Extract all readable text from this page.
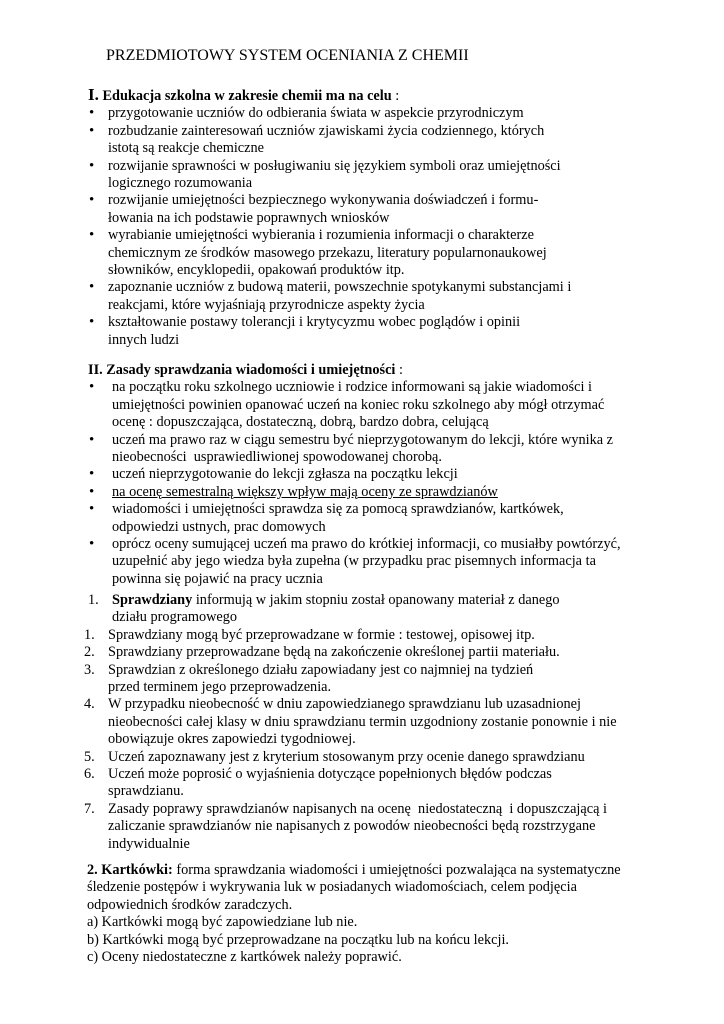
PRZEDMIOTOWY SYSTEM OCENIANIA Z CHEMII

I. Edukacja szkolna w zakresie chemii ma na celu :

• przygotowanie uczniów do odbierania świata w aspekcie przyrodniczym
• rozbudzanie zainteresowań uczniów zjawiskami życia codziennego, których
istotą są reakcje chemiczne
• rozwijanie sprawności w posługiwaniu się językiem symboli oraz umiejętności
logicznego rozumowania
• rozwijanie umiejętności bezpiecznego wykonywania doświadczeń i formu-
łowania na ich podstawie poprawnych wniosków
• wyrabianie umiejętności wybierania i rozumienia informacji o charakterze
chemicznym ze środków masowego przekazu, literatury popularnonaukowej
słowników, encyklopedii, opakowań produktów itp.
• zapoznanie uczniów z budową materii, powszechnie spotykanymi substancjami i
reakcjami, które wyjaśniają przyrodnicze aspekty życia
• kształtowanie postawy tolerancji i krytycyzmu wobec poglądów i opinii
innych ludzi

II. Zasady sprawdzania wiadomości i umiejętności :

• na początku roku szkolnego uczniowie i rodzice informowani są jakie wiadomości i
umiejętności powinien opanować uczeń na koniec roku szkolnego aby mógł otrzymać
ocenę : dopuszczająca, dostateczną, dobrą, bardzo dobra, celującą
• uczeń ma prawo raz w ciągu semestru być nieprzygotowanym do lekcji, które wynika z
nieobecności  usprawiedliwionej spowodowanej chorobą.
• uczeń nieprzygotowanie do lekcji zgłasza na początku lekcji
• na ocenę semestralną większy wpływ mają oceny ze sprawdzianów
• wiadomości i umiejętności sprawdza się za pomocą sprawdzianów, kartkówek,
odpowiedzi ustnych, prac domowych
• oprócz oceny sumującej uczeń ma prawo do krótkiej informacji, co musiałby powtórzyć,
uzupełnić aby jego wiedza była zupełna (w przypadku prac pisemnych informacja ta
powinna się pojawić na pracy ucznia
1. Sprawdziany informują w jakim stopniu został opanowany materiał z danego
działu programowego
1. Sprawdziany mogą być przeprowadzane w formie : testowej, opisowej itp.
2. Sprawdziany przeprowadzane będą na zakończenie określonej partii materiału.
3. Sprawdzian z określonego działu zapowiadany jest co najmniej na tydzień
przed terminem jego przeprowadzenia.
4. W przypadku nieobecność w dniu zapowiedzianego sprawdzianu lub uzasadnionej
nieobecności całej klasy w dniu sprawdzianu termin uzgodniony zostanie ponownie i nie
obowiązuje okres zapowiedzi tygodniowej.
5. Uczeń zapoznawany jest z kryterium stosowanym przy ocenie danego sprawdzianu
6. Uczeń może poprosić o wyjaśnienia dotyczące popełnionych błędów podczas
sprawdzianu.
7. Zasady poprawy sprawdzianów napisanych na ocenę  niedostateczną  i dopuszczającą i
zaliczanie sprawdzianów nie napisanych z powodów nieobecności będą rozstrzygane
indywidualnie

2. Kartkówki: forma sprawdzania wiadomości i umiejętności pozwalająca na systematyczne
śledzenie postępów i wykrywania luk w posiadanych wiadomościach, celem podjęcia
odpowiednich środków zaradczych.

a) Kartkówki mogą być zapowiedziane lub nie.

b) Kartkówki mogą być przeprowadzane na początku lub na końcu lekcji.

c) Oceny niedostateczne z kartkówek należy poprawić.
